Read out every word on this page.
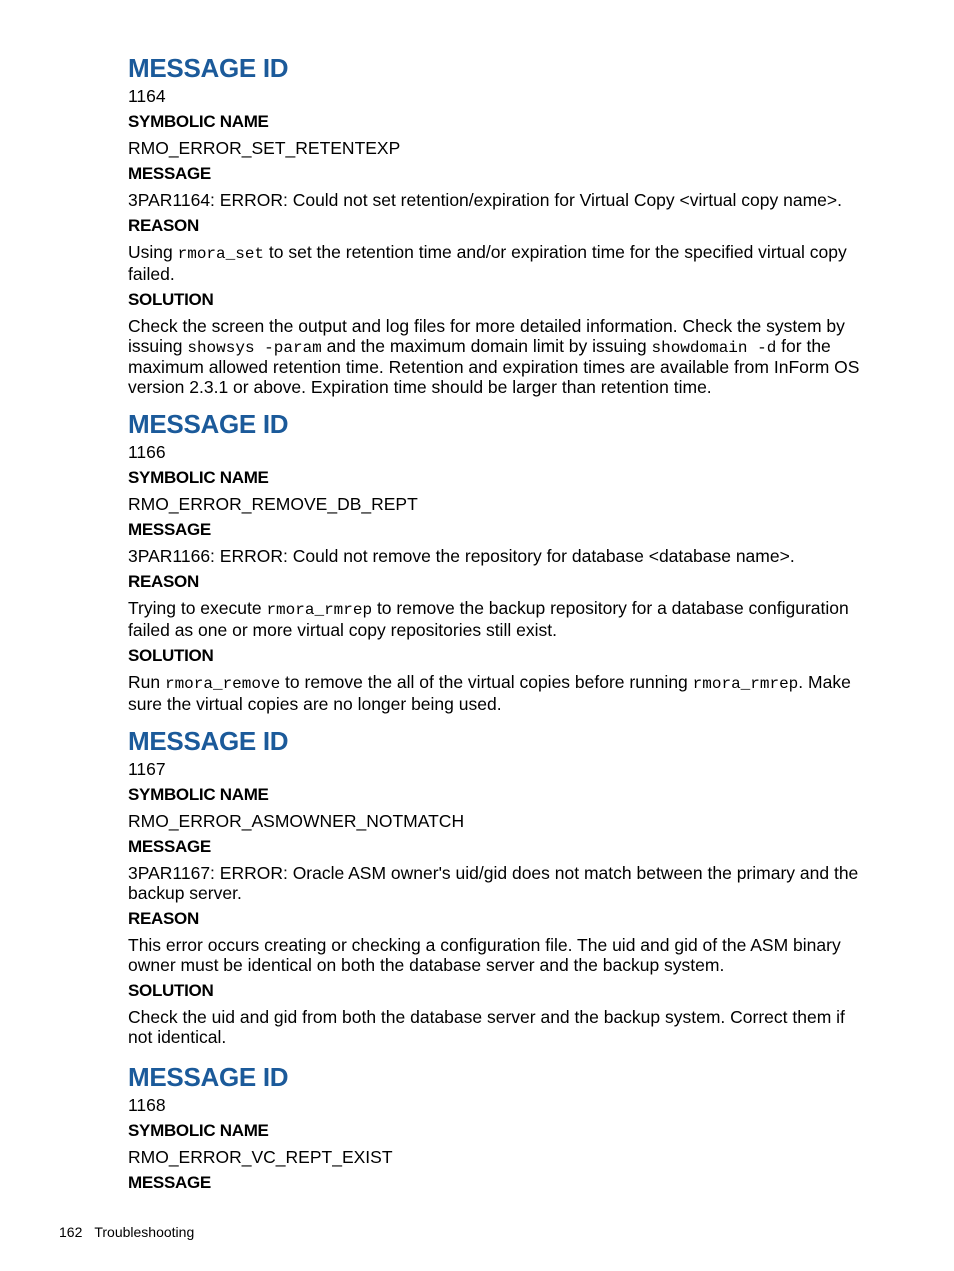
MESSAGE ID
1164
SYMBOLIC NAME
RMO_ERROR_SET_RETENTEXP
MESSAGE
3PAR1164: ERROR: Could not set retention/expiration for Virtual Copy <virtual copy name>.
REASON

Using rmora_set to set the retention time and/or expiration time for the specified virtual copy failed.

SOLUTION

Check the screen the output and log files for more detailed information. Check the system by issuing showsys -param and the maximum domain limit by issuing showdomain -d for the maximum allowed retention time. Retention and expiration times are available from InForm OS version 2.3.1 or above. Expiration time should be larger than retention time.

MESSAGE ID
1166
SYMBOLIC NAME
RMO_ERROR_REMOVE_DB_REPT
MESSAGE
3PAR1166: ERROR: Could not remove the repository for database <database name>.
REASON

Trying to execute rmora_rmrep to remove the backup repository for a database configuration failed as one or more virtual copy repositories still exist.

SOLUTION

Run rmora_remove to remove the all of the virtual copies before running rmora_rmrep. Make sure the virtual copies are no longer being used.

MESSAGE ID
1167
SYMBOLIC NAME
RMO_ERROR_ASMOWNER_NOTMATCH
MESSAGE

3PAR1167: ERROR: Oracle ASM owner's uid/gid does not match between the primary and the backup server.

REASON

This error occurs creating or checking a configuration file. The uid and gid of the ASM binary owner must be identical on both the database server and the backup system.

SOLUTION

Check the uid and gid from both the database server and the backup system. Correct them if not identical.

MESSAGE ID
1168
SYMBOLIC NAME
RMO_ERROR_VC_REPT_EXIST
MESSAGE
162 Troubleshooting
